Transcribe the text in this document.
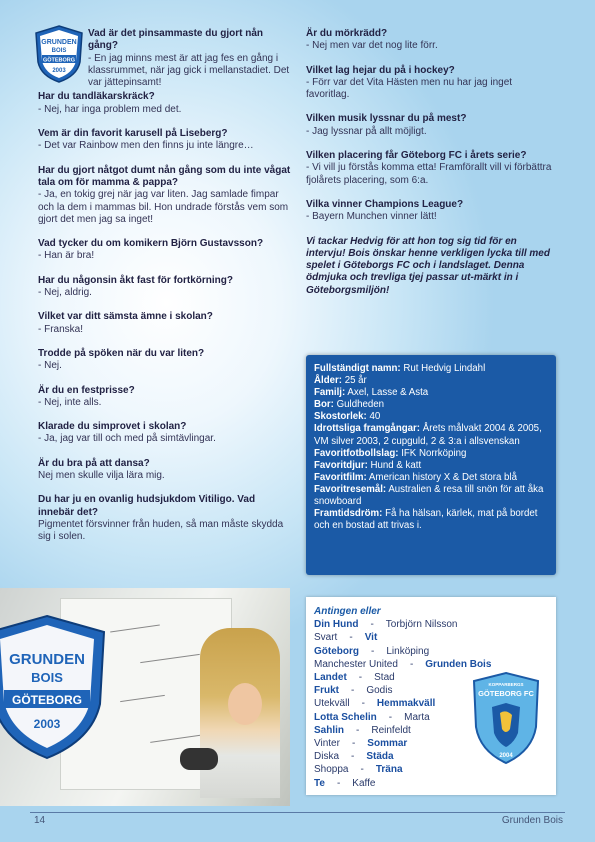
GRUNDEN
BOIS
GÖTEBORG
2003
Vad är det pinsammaste du gjort nån gång?
- En jag minns mest är att jag fes en gång i klassrummet, när jag gick i mellanstadiet. Det var jättepinsamt!
Har du tandläkarskräck?
- Nej, har inga problem med det.
Vem är din favorit karusell på Liseberg?
- Det var Rainbow men den finns ju inte längre…
Har du gjort nåtgot dumt nån gång som du inte vågat tala om för mamma & pappa?
- Ja, en tokig grej när jag var liten. Jag samlade fimpar och la dem i mammas bil. Hon undrade förstås vem som gjort det men jag sa inget!
Vad tycker du om komikern Björn Gustavsson?
- Han är bra!
Har du någonsin åkt fast för fortkörning?
- Nej, aldrig.
Vilket var ditt sämsta ämne i skolan?
- Franska!
Trodde på spöken när du var liten?
- Nej.
Är du en festprisse?
- Nej, inte alls.
Klarade du simprovet i skolan?
- Ja, jag var till och med på simtävlingar.
Är du bra på att dansa?
Nej men skulle vilja lära mig.
Du har ju en ovanlig hudsjukdom Vitiligo. Vad innebär det?
Pigmentet försvinner från huden, så man måste skydda sig i solen.
Är du mörkrädd?
- Nej men var det nog lite förr.
Vilket lag hejar du på i hockey?
- Förr var det Vita Hästen men nu har jag inget favoritlag.
Vilken musik lyssnar du på mest?
- Jag lyssnar på allt möjligt.
Vilken placering får Göteborg FC i årets serie?
- Vi vill ju förstås komma etta! Framförallt vill vi förbättra fjolårets placering, som 6:a.
Vilka vinner Champions League?
- Bayern Munchen vinner lätt!
Vi tackar Hedvig för att hon tog sig tid för en intervju! Bois önskar henne verkligen lycka till med spelet i Göteborgs FC och i landslaget. Denna ödmjuka och trevliga tjej passar ut-märkt in i Göteborgsmiljön!
Fullständigt namn: Rut Hedvig Lindahl
Ålder: 25 år
Familj: Axel, Lasse & Asta
Bor: Guldheden
Skostorlek: 40
Idrottsliga framgångar: Årets målvakt 2004 & 2005, VM silver 2003, 2 cupguld, 2 & 3:a i allsvenskan
Favoritfotbollslag: IFK Norrköping
Favoritdjur: Hund & katt
Favoritfilm: American history X & Det stora blå
Favoritresemål: Australien & resa till snön för att åka snowboard
Framtidsdröm: Få ha hälsan, kärlek, mat på bordet och en bostad att trivas i.
GRUNDEN
BOIS
GÖTEBORG
2003
Antingen eller
Din Hund - Torbjörn Nilsson
Svart - Vit
Göteborg - Linköping
Manchester United - Grunden Bois
Landet - Stad
Frukt - Godis
Utekväll - Hemmakväll
Lotta Schelin - Marta
Sahlin - Reinfeldt
Vinter - Sommar
Diska - Städa
Shoppa - Träna
Te - Kaffe
KOPPARBERGS
GÖTEBORG FC
2004
14	Grunden Bois
